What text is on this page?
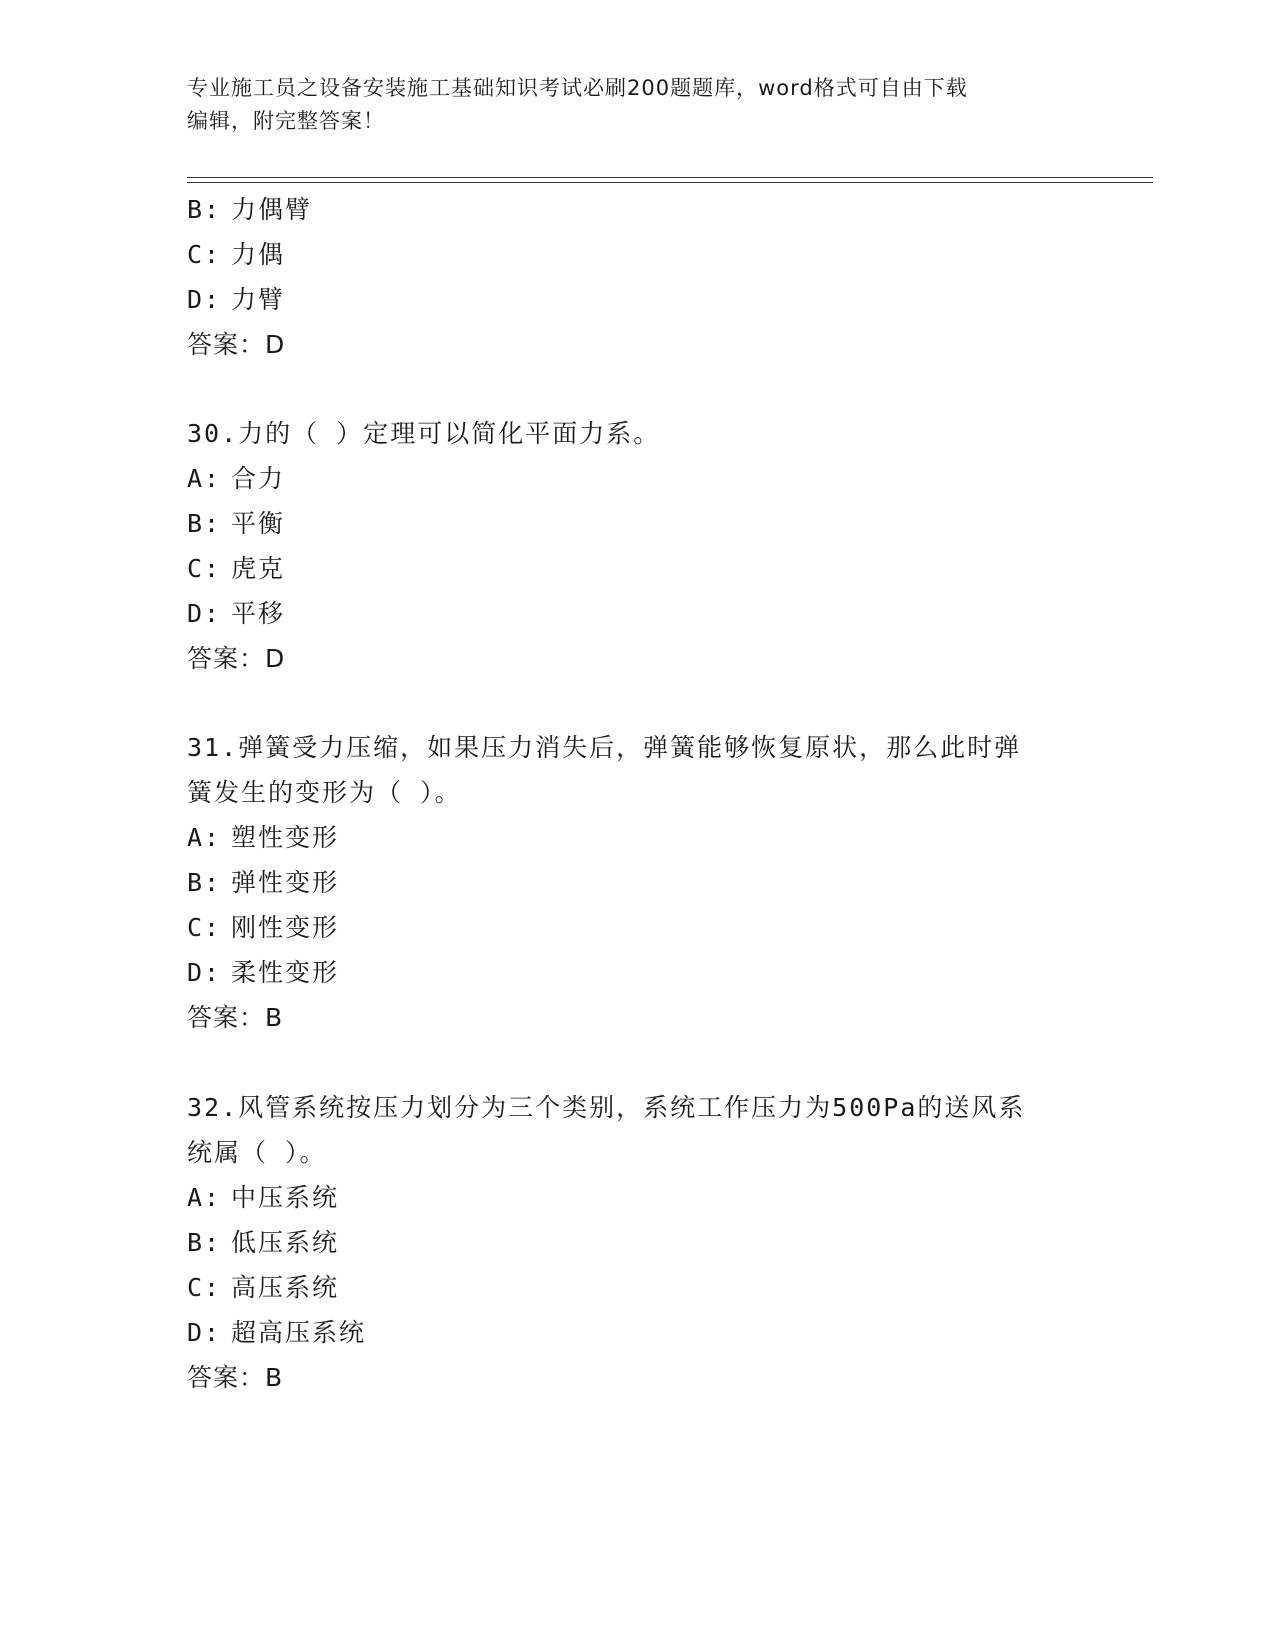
专业施工员之设备安装施工基础知识考试必刷200题题库，word格式可自由下载
编辑，附完整答案！
B: 力偶臂
C: 力偶
D: 力臂
答案：D
30.力的（ ）定理可以简化平面力系。
A: 合力
B: 平衡
C: 虎克
D: 平移
答案：D
31.弹簧受力压缩，如果压力消失后，弹簧能够恢复原状，那么此时弹
簧发生的变形为（ ）。
A: 塑性变形
B: 弹性变形
C: 刚性变形
D: 柔性变形
答案：B
32.风管系统按压力划分为三个类别，系统工作压力为500Pa的送风系
统属（ ）。
A: 中压系统
B: 低压系统
C: 高压系统
D: 超高压系统
答案：B
